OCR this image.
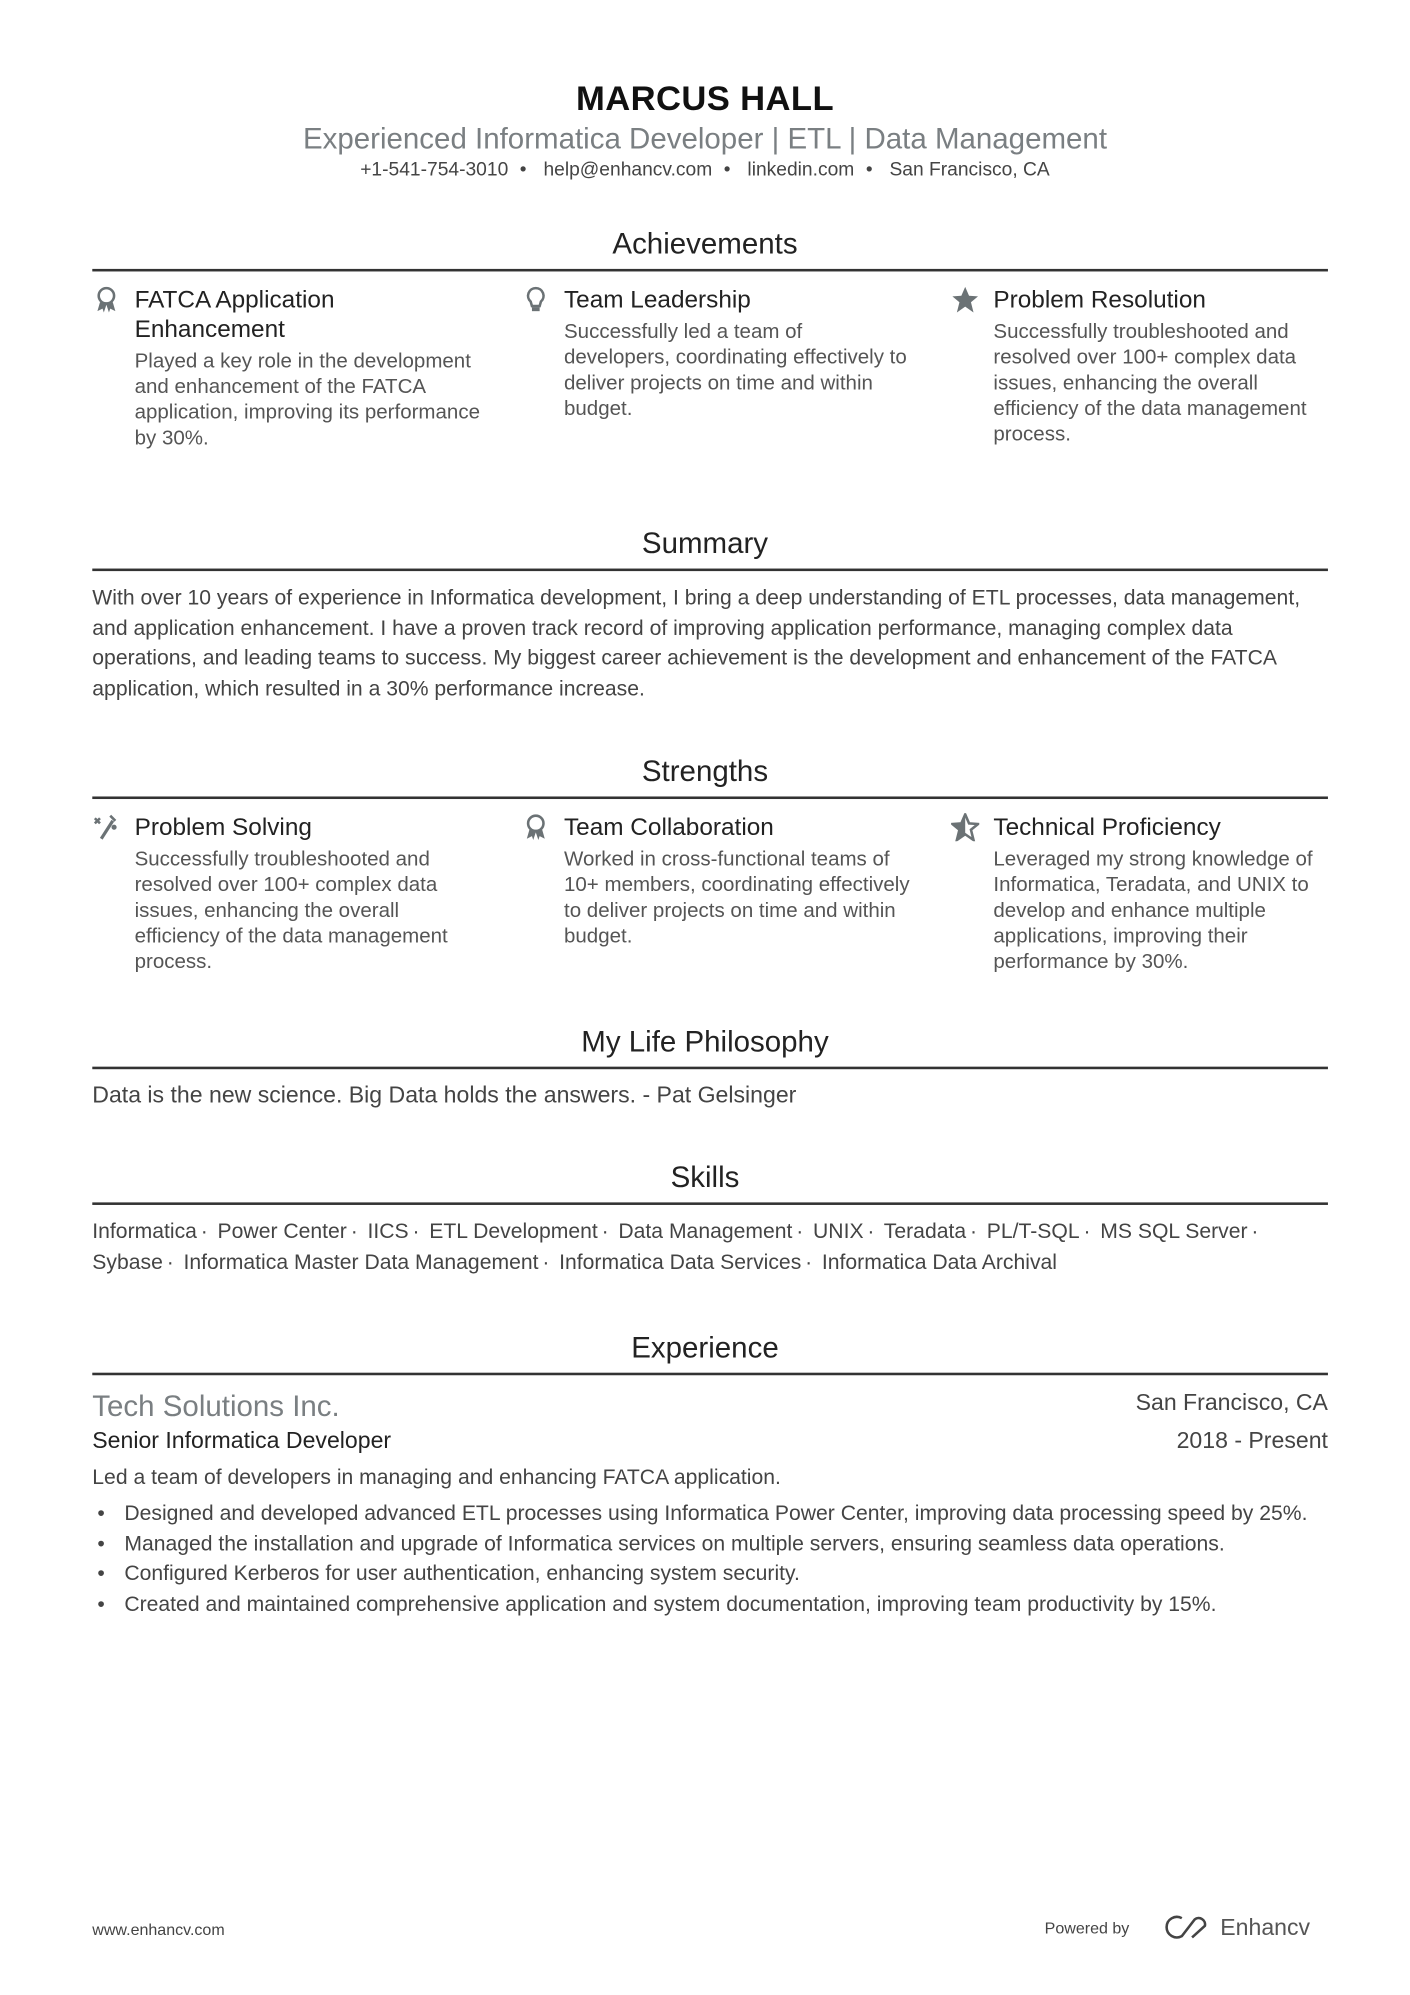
MARCUS HALL
Experienced Informatica Developer | ETL | Data Management
+1-541-754-3010 • help@enhancv.com • linkedin.com • San Francisco, CA
Achievements
FATCA Application Enhancement
Played a key role in the development and enhancement of the FATCA application, improving its performance by 30%.
Team Leadership
Successfully led a team of developers, coordinating effectively to deliver projects on time and within budget.
Problem Resolution
Successfully troubleshooted and resolved over 100+ complex data issues, enhancing the overall efficiency of the data management process.
Summary
With over 10 years of experience in Informatica development, I bring a deep understanding of ETL processes, data management, and application enhancement. I have a proven track record of improving application performance, managing complex data operations, and leading teams to success. My biggest career achievement is the development and enhancement of the FATCA application, which resulted in a 30% performance increase.
Strengths
Problem Solving
Successfully troubleshooted and resolved over 100+ complex data issues, enhancing the overall efficiency of the data management process.
Team Collaboration
Worked in cross-functional teams of 10+ members, coordinating effectively to deliver projects on time and within budget.
Technical Proficiency
Leveraged my strong knowledge of Informatica, Teradata, and UNIX to develop and enhance multiple applications, improving their performance by 30%.
My Life Philosophy
Data is the new science. Big Data holds the answers. - Pat Gelsinger
Skills
Informatica · Power Center · IICS · ETL Development · Data Management · UNIX · Teradata · PL/T-SQL · MS SQL Server · Sybase · Informatica Master Data Management · Informatica Data Services · Informatica Data Archival
Experience
Tech Solutions Inc.
Senior Informatica Developer
San Francisco, CA
2018 - Present
Led a team of developers in managing and enhancing FATCA application.
• Designed and developed advanced ETL processes using Informatica Power Center, improving data processing speed by 25%.
• Managed the installation and upgrade of Informatica services on multiple servers, ensuring seamless data operations.
• Configured Kerberos for user authentication, enhancing system security.
• Created and maintained comprehensive application and system documentation, improving team productivity by 15%.
www.enhancv.com	Powered by	Enhancv
